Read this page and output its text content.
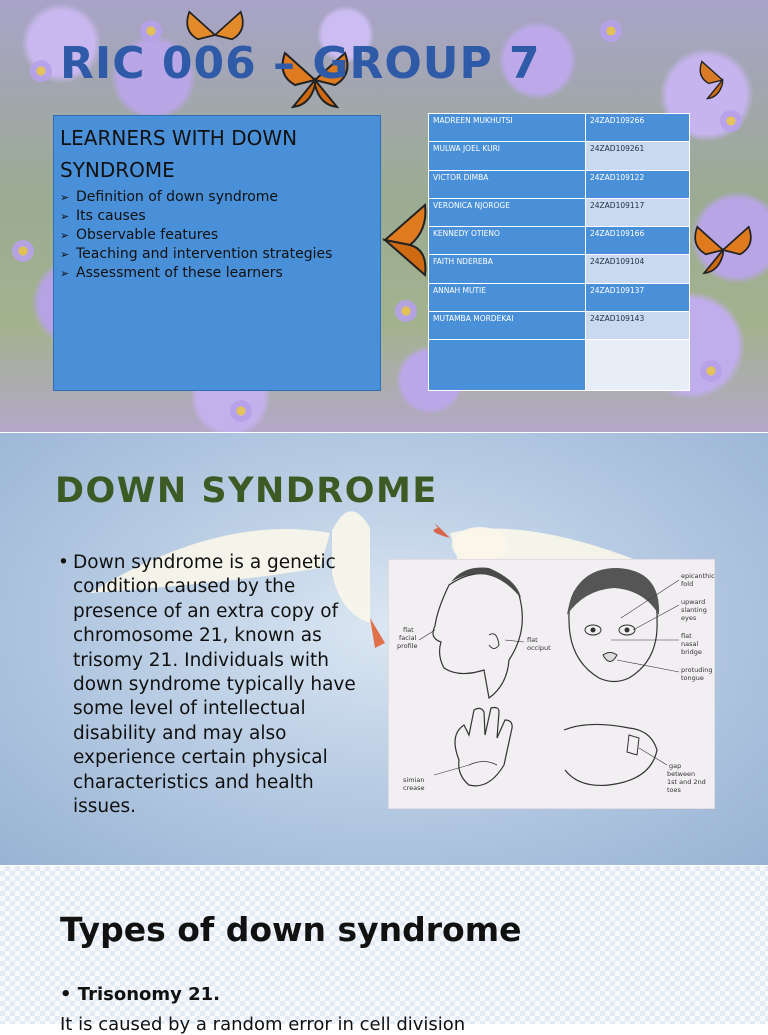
RIC 006 – GROUP 7
LEARNERS WITH DOWN SYNDROME
➢ Definition of down syndrome
➢ Its causes
➢ Observable features
➢ Teaching and intervention strategies
➢ Assessment of these learners
MADREEN MUKHUTSI	24ZAD109266
MULWA JOEL KURI	24ZAD109261
VICTOR DIMBA	24ZAD109122
VERONICA NJOROGE	24ZAD109117
KENNEDY OTIENO	24ZAD109166
FAITH NDEREBA	24ZAD109104
ANNAH MUTIE	24ZAD109137
MUTAMBA MORDEKAI	24ZAD109143

DOWN SYNDROME
• Down syndrome is a genetic condition caused by the presence of an extra copy of chromosome 21, known as trisomy 21. Individuals with down syndrome typically have some level of intellectual disability and may also experience certain physical characteristics and health issues.
epicanthic
fold
upward
slanting
eyes
flat
nasal
bridge
protuding
tongue
flat
facial
profile
flat
occiput
simian
crease
gap
between
1st and 2nd
toes
Types of down syndrome
• Trisonomy 21.
It is caused by a random error in cell division
